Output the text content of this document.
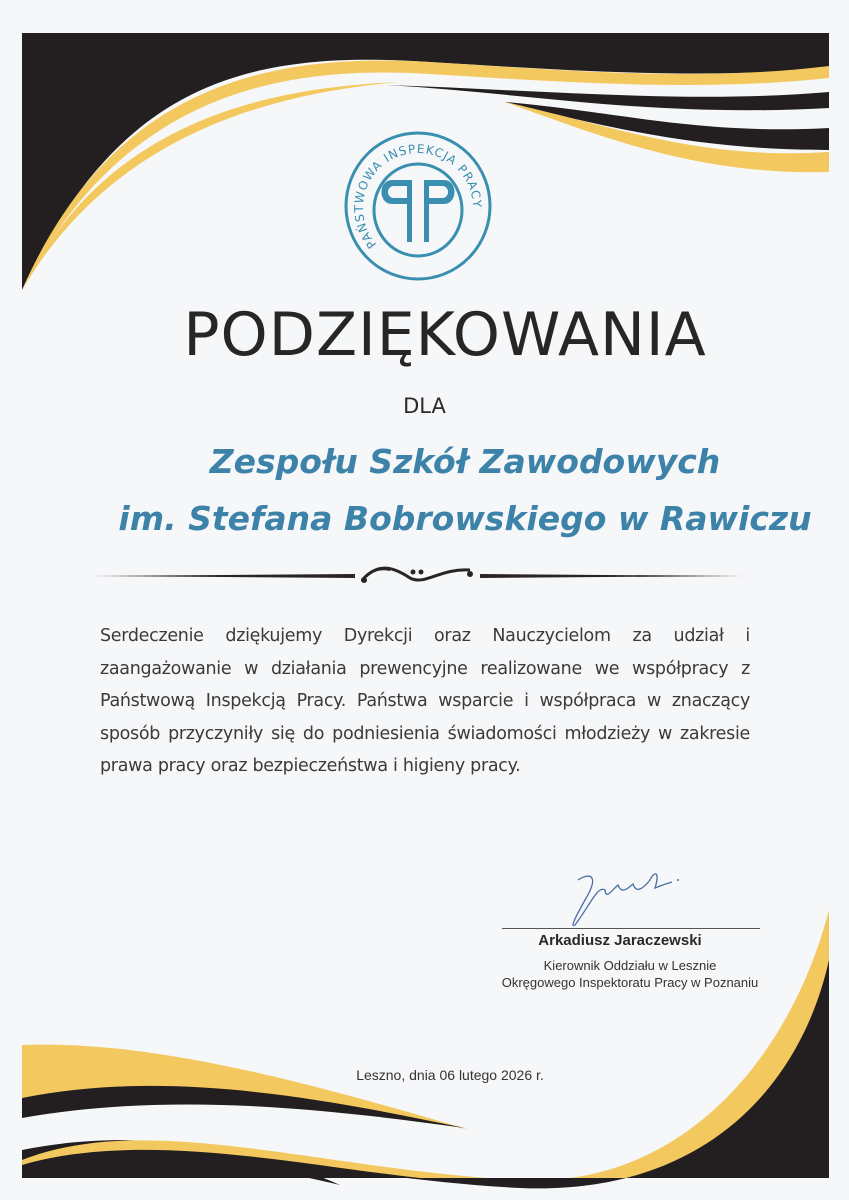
PAŃSTWOWA INSPEKCJA PRACY
PODZIĘKOWANIA
DLA
Zespołu Szkół Zawodowych
im. Stefana Bobrowskiego w Rawiczu
Serdeczenie dziękujemy Dyrekcji oraz Nauczycielom za udział i zaangażowanie w działania prewencyjne realizowane we współpracy z Państwową Inspekcją Pracy. Państwa wsparcie i współpraca w znaczący sposób przyczyniły się do podniesienia świadomości młodzieży w zakresie prawa pracy oraz bezpieczeństwa i higieny pracy.
Arkadiusz Jaraczewski
Kierownik Oddziału w Lesznie
Okręgowego Inspektoratu Pracy w Poznaniu
Leszno, dnia 06 lutego 2026 r.
